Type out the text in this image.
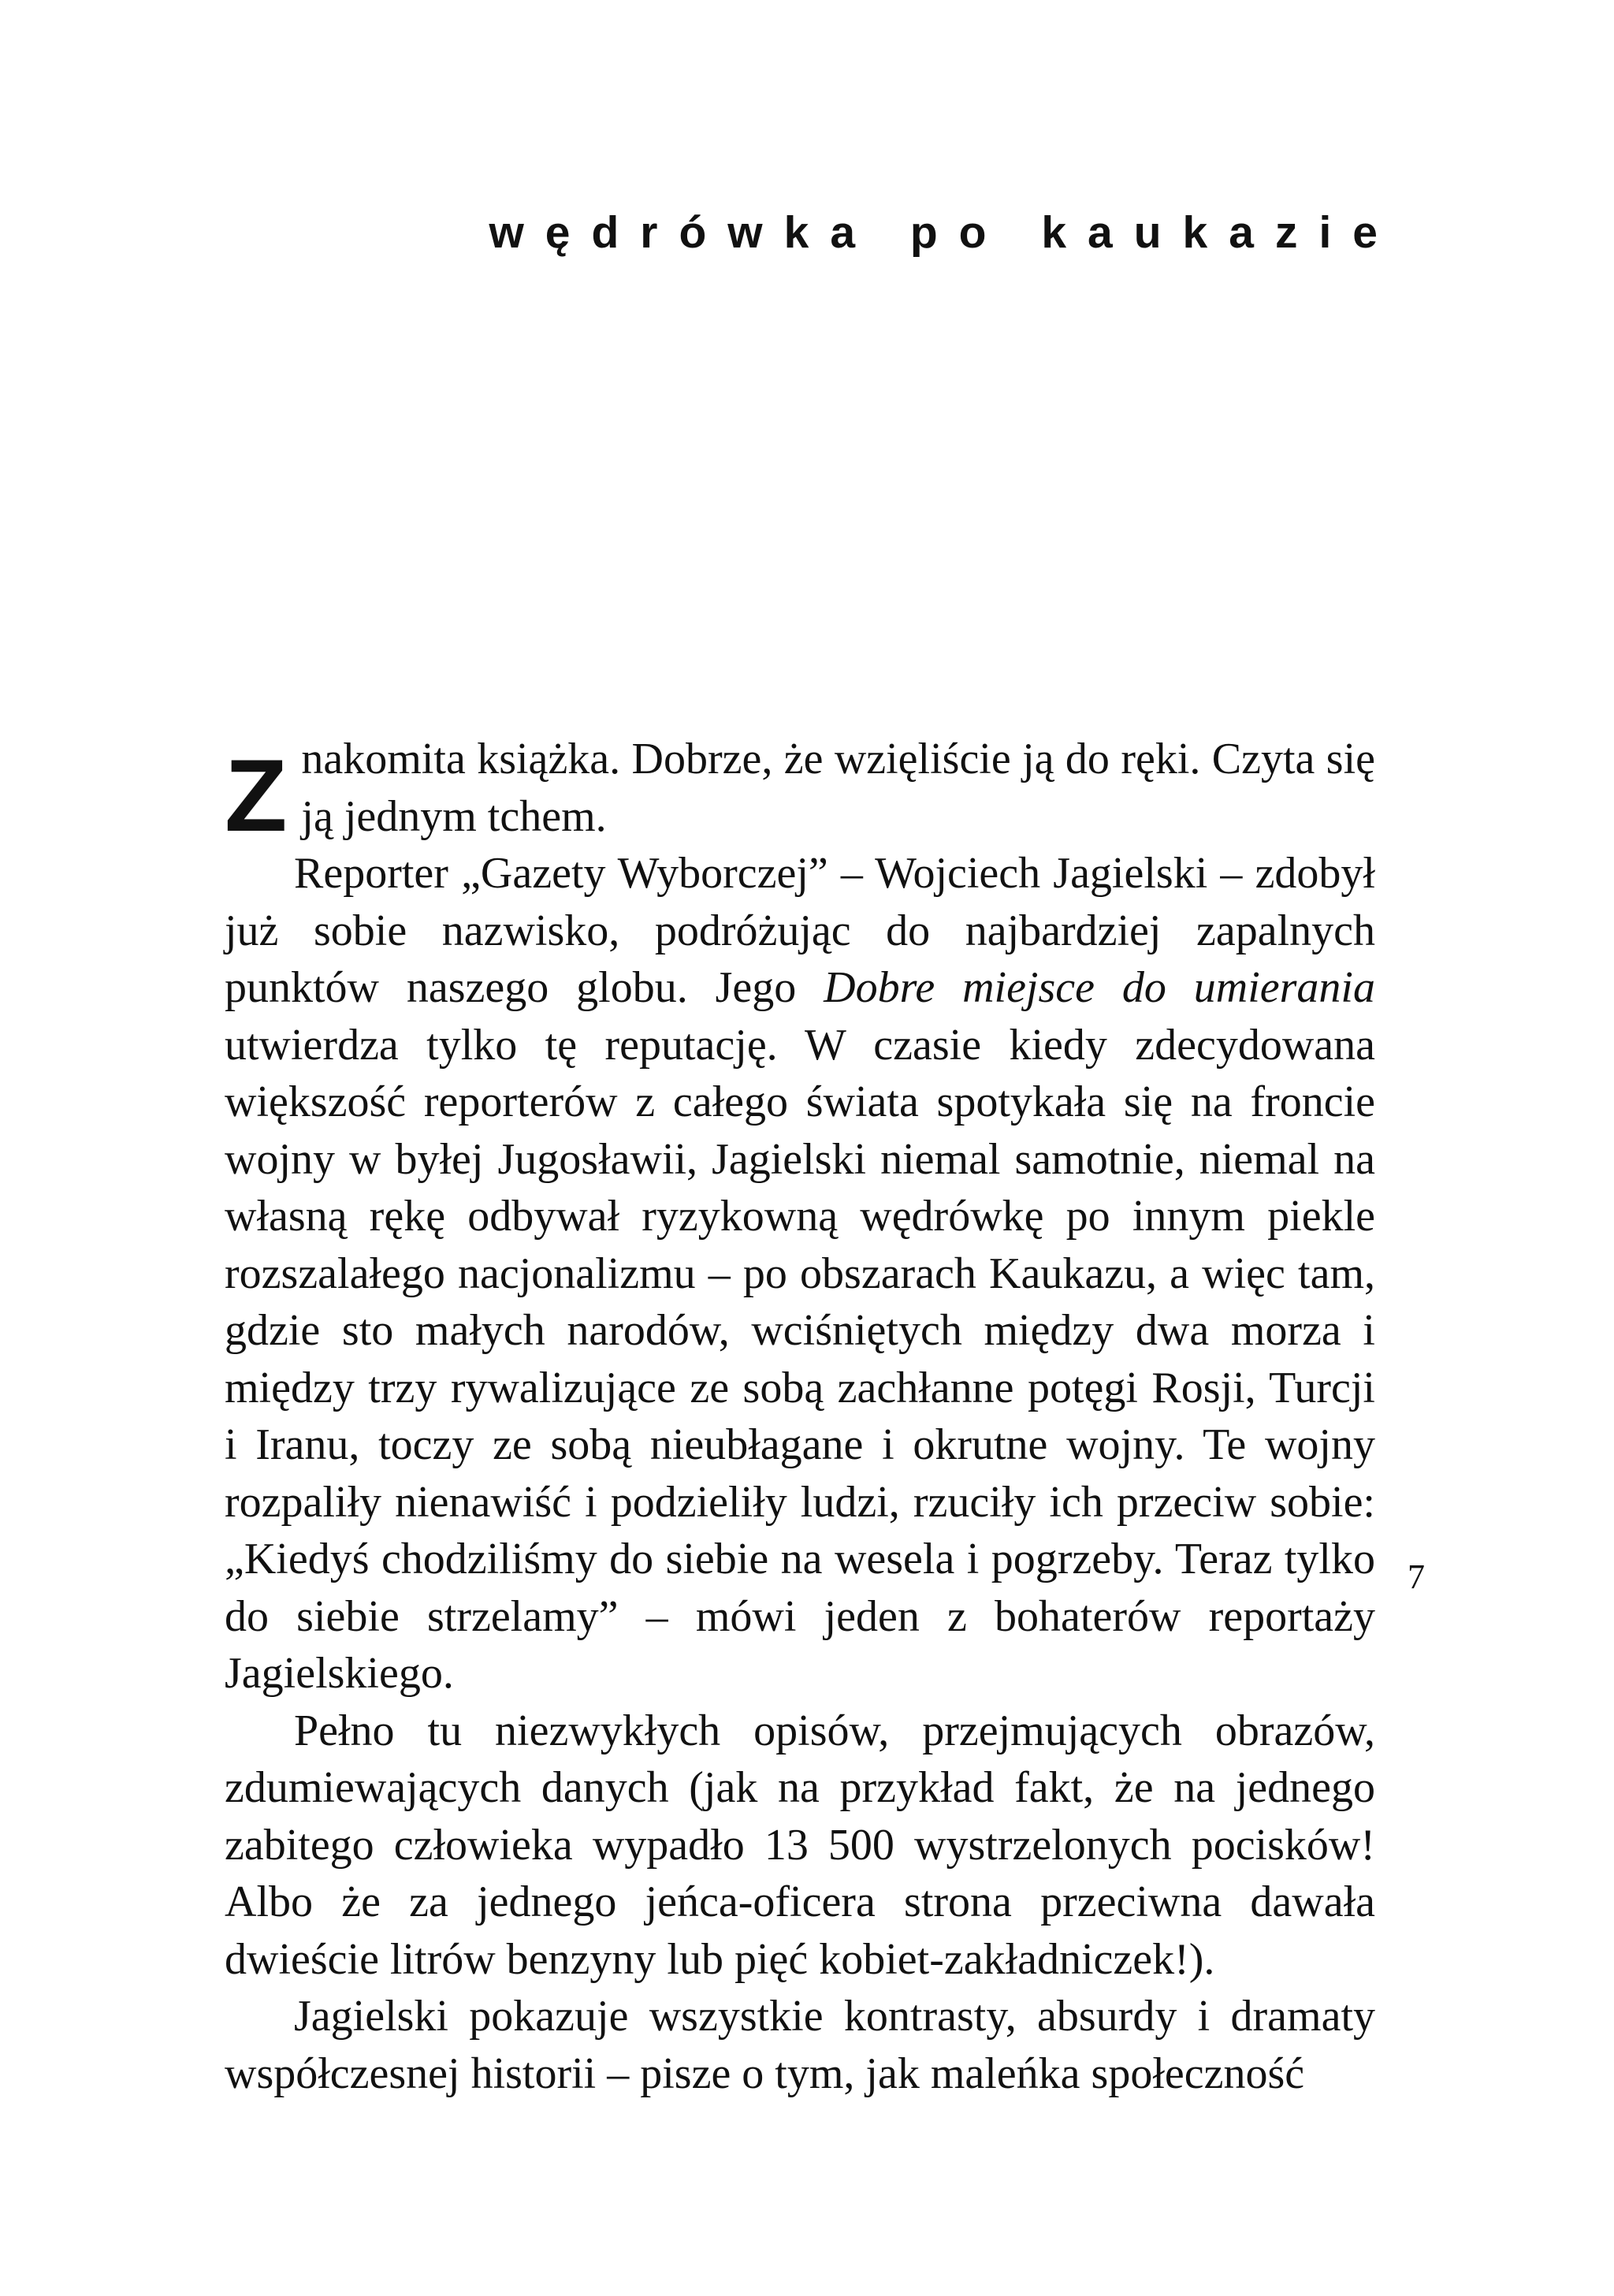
wędrówka po kaukazie

Znakomita książka. Dobrze, że wzięliście ją do ręki. Czyta się ją jednym tchem.

Reporter „Gazety Wyborczej” – Wojciech Jagielski – zdobył już sobie nazwisko, podróżując do najbardziej zapalnych punktów naszego globu. Jego Dobre miejsce do umierania utwierdza tylko tę reputację. W czasie kiedy zdecydowana większość reporterów z całego świata spotykała się na froncie wojny w byłej Jugosławii, Jagielski niemal samotnie, niemal na własną rękę odbywał ryzykowną wędrówkę po innym piekle rozszalałego nacjonalizmu – po obszarach Kaukazu, a więc tam, gdzie sto małych narodów, wciśniętych między dwa morza i między trzy rywalizujące ze sobą zachłanne potęgi Rosji, Turcji i Iranu, toczy ze sobą nieubłagane i okrutne wojny. Te wojny rozpaliły nienawiść i podzieliły ludzi, rzuciły ich przeciw sobie: „Kiedyś chodziliśmy do siebie na wesela i pogrzeby. Teraz tylko do siebie strzelamy” – mówi jeden z bohaterów reportaży Jagielskiego.

Pełno tu niezwykłych opisów, przejmujących obrazów, zdumiewających danych (jak na przykład fakt, że na jednego zabitego człowieka wypadło 13 500 wystrzelonych pocisków! Albo że za jednego jeńca-oficera strona przeciwna dawała dwieście litrów benzyny lub pięć kobiet-zakładniczek!).

Jagielski pokazuje wszystkie kontrasty, absurdy i dramaty współczesnej historii – pisze o tym, jak maleńka społeczność

7
